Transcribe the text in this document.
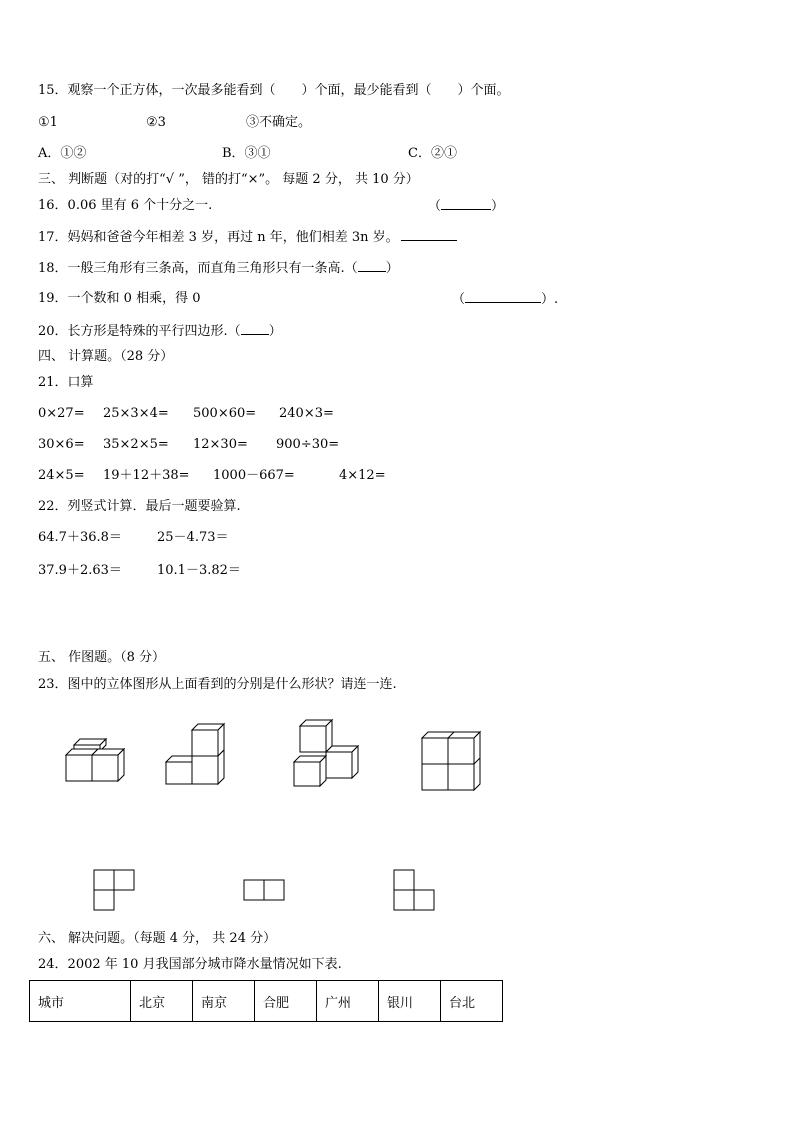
15．观察一个正方体，一次最多能看到（　　）个面，最少能看到（　　）个面。
①1	②3	③不确定。
A．①②	B．③①	C．②①
三、 判断题（对的打“√ ”， 错的打“×”。 每题 2 分， 共 10 分）
16．0.06 里有 6 个十分之一.	（	）
17．妈妈和爸爸今年相差 3 岁，再过 n 年，他们相差 3n 岁。
18．一般三角形有三条高，而直角三角形只有一条高.（ ）
19．一个数和 0 相乘，得 0	（	）.
20．长方形是特殊的平行四边形.（ ）
四、 计算题。（28 分）
21．口算
0×27= 25×3×4= 500×60= 240×3=
30×6= 35×2×5= 12×30= 900÷30=
24×5= 19＋12＋38= 1000－667=	4×12=
22．列竖式计算．最后一题要验算.
64.7＋36.8＝	25－4.73＝
37.9＋2.63＝	10.1－3.82＝
五、 作图题。（8 分）
23．图中的立体图形从上面看到的分别是什么形状？请连一连.
六、 解决问题。（每题 4 分， 共 24 分）
24．2002 年 10 月我国部分城市降水量情况如下表.
城市	北京	南京	合肥	广州	银川	台北
